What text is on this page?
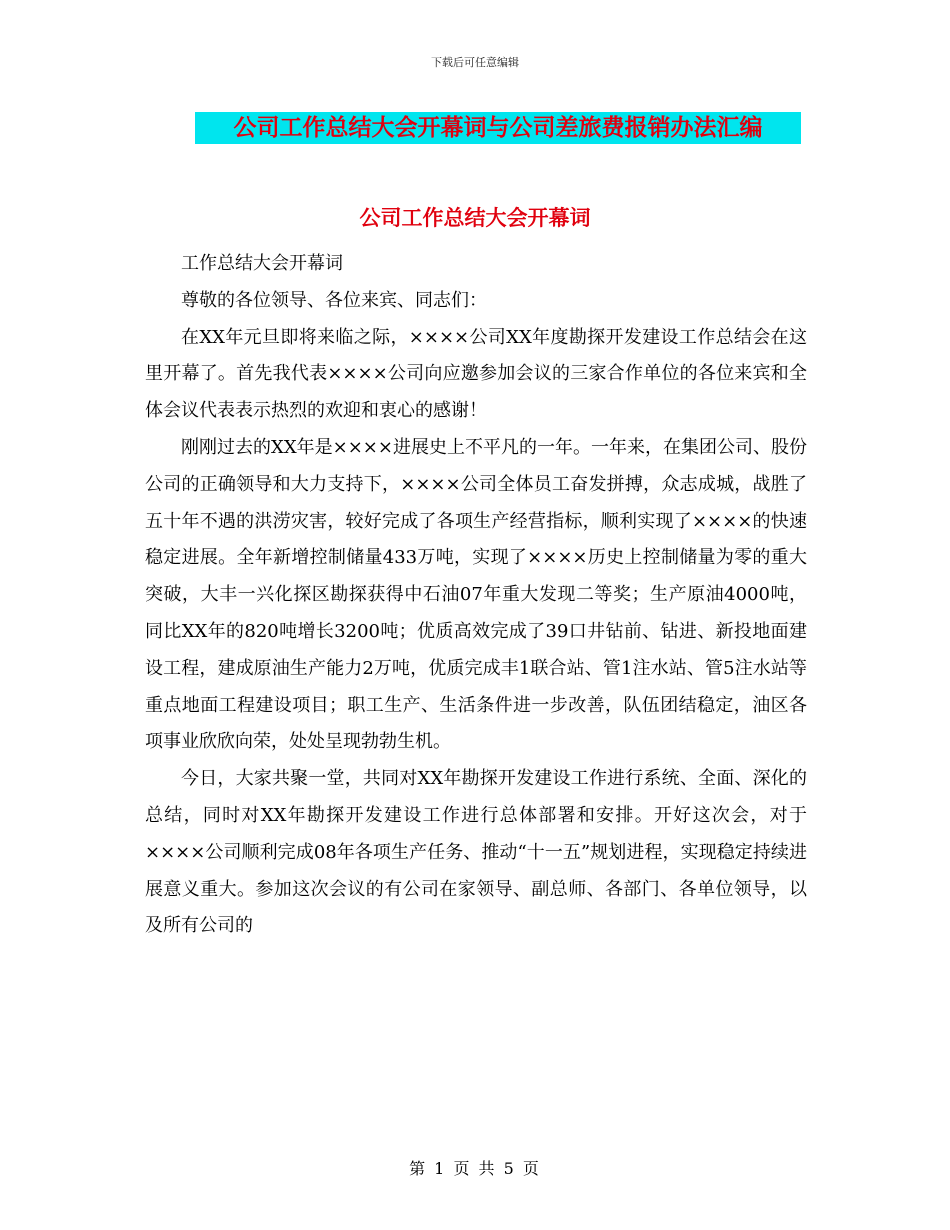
下载后可任意编辑
公司工作总结大会开幕词与公司差旅费报销办法汇编
公司工作总结大会开幕词

工作总结大会开幕词

尊敬的各位领导、各位来宾、同志们：

在XX年元旦即将来临之际，××××公司XX年度勘探开发建设工作总结会在这里开幕了。首先我代表××××公司向应邀参加会议的三家合作单位的各位来宾和全体会议代表表示热烈的欢迎和衷心的感谢！

刚刚过去的XX年是××××进展史上不平凡的一年。一年来，在集团公司、股份公司的正确领导和大力支持下，××××公司全体员工奋发拼搏，众志成城，战胜了五十年不遇的洪涝灾害，较好完成了各项生产经营指标，顺利实现了××××的快速稳定进展。全年新增控制储量433万吨，实现了××××历史上控制储量为零的重大突破，大丰一兴化探区勘探获得中石油07年重大发现二等奖；生产原油4000吨，同比XX年的820吨增长3200吨；优质高效完成了39口井钻前、钻进、新投地面建设工程，建成原油生产能力2万吨，优质完成丰1联合站、管1注水站、管5注水站等重点地面工程建设项目；职工生产、生活条件进一步改善，队伍团结稳定，油区各项事业欣欣向荣，处处呈现勃勃生机。

今日，大家共聚一堂，共同对XX年勘探开发建设工作进行系统、全面、深化的总结，同时对XX年勘探开发建设工作进行总体部署和安排。开好这次会，对于××××公司顺利完成08年各项生产任务、推动“十一五”规划进程，实现稳定持续进展意义重大。参加这次会议的有公司在家领导、副总师、各部门、各单位领导，以及所有公司的

第 1 页 共 5 页
